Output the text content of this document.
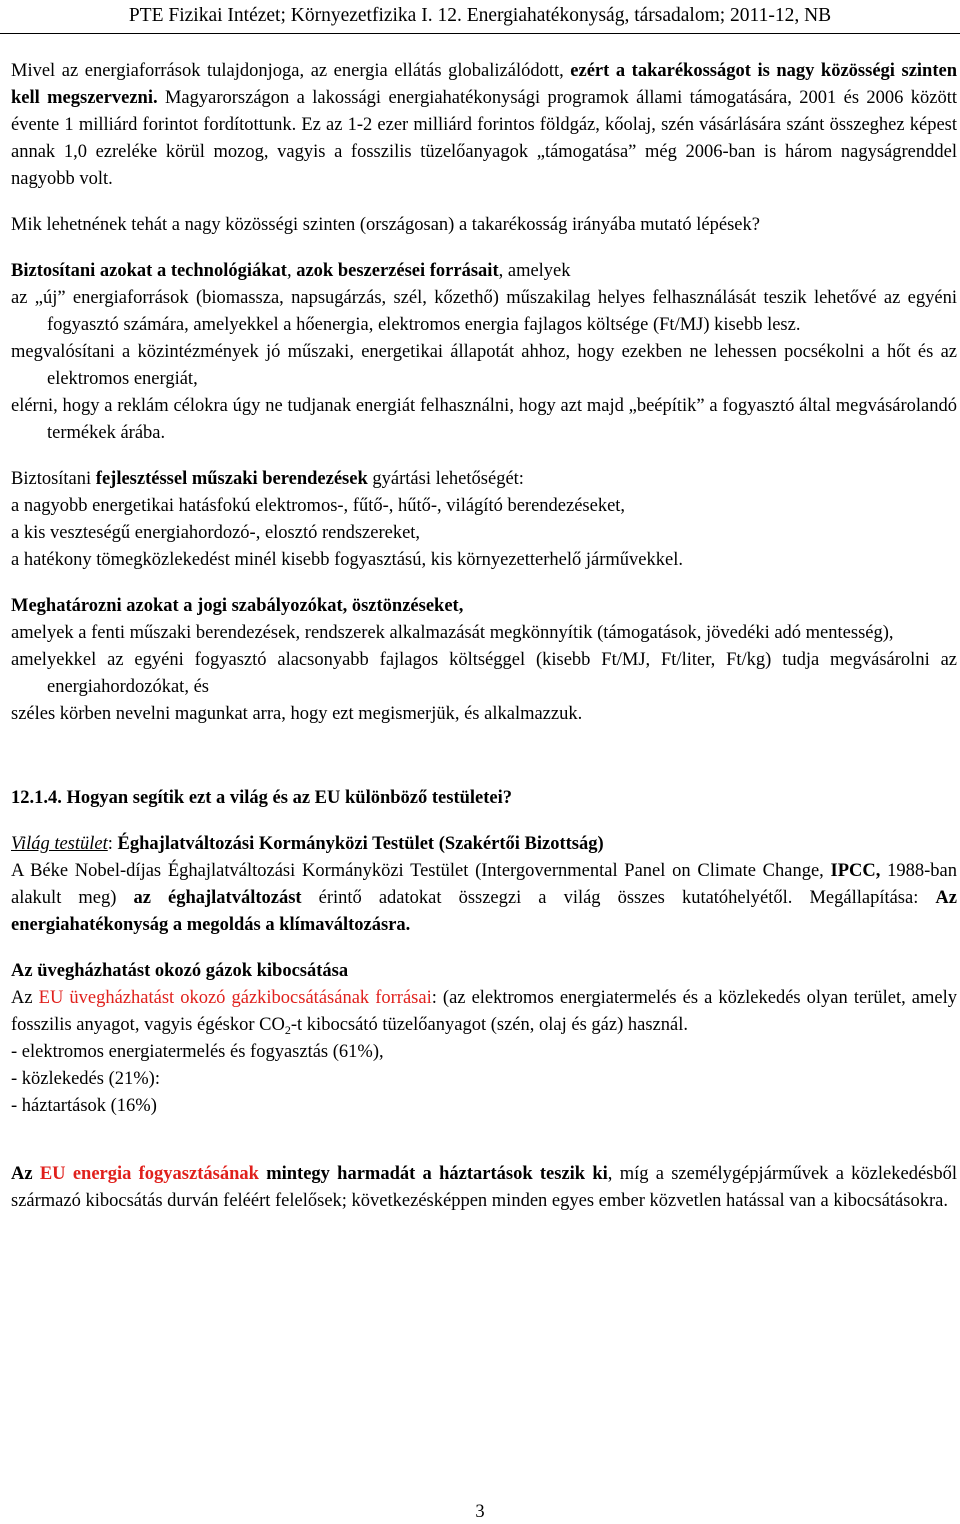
PTE Fizikai Intézet; Környezetfizika I. 12. Energiahatékonyság, társadalom; 2011-12, NB

Mivel az energiaforrások tulajdonjoga, az energia ellátás globalizálódott, ezért a takarékosságot is nagy közösségi szinten kell megszervezni. Magyarországon a lakossági energiahatékonysági programok állami támogatására, 2001 és 2006 között évente 1 milliárd forintot fordítottunk. Ez az 1-2 ezer milliárd forintos földgáz, kőolaj, szén vásárlására szánt összeghez képest annak 1,0 ezreléke körül mozog, vagyis a fosszilis tüzelőanyagok „támogatása” még 2006-ban is három nagyságrenddel nagyobb volt.

Mik lehetnének tehát a nagy közösségi szinten (országosan) a takarékosság irányába mutató lépések?

Biztosítani azokat a technológiákat, azok beszerzései forrásait, amelyek

az „új” energiaforrások (biomassza, napsugárzás, szél, kőzethő) műszakilag helyes felhasználását teszik lehetővé az egyéni fogyasztó számára, amelyekkel a hőenergia, elektromos energia fajlagos költsége (Ft/MJ) kisebb lesz.

megvalósítani a közintézmények jó műszaki, energetikai állapotát ahhoz, hogy ezekben ne lehessen pocsékolni a hőt és az elektromos energiát,

elérni, hogy a reklám célokra úgy ne tudjanak energiát felhasználni, hogy azt majd „beépítik” a fogyasztó által megvásárolandó termékek árába.

Biztosítani fejlesztéssel műszaki berendezések gyártási lehetőségét:

a nagyobb energetikai hatásfokú elektromos-, fűtő-, hűtő-, világító berendezéseket,

a kis veszteségű energiahordozó-, elosztó rendszereket,

a hatékony tömegközlekedést minél kisebb fogyasztású, kis környezetterhelő járművekkel.

Meghatározni azokat a jogi szabályozókat, ösztönzéseket,

amelyek a fenti műszaki berendezések, rendszerek alkalmazását megkönnyítik (támogatások, jövedéki adó mentesség),

amelyekkel az egyéni fogyasztó alacsonyabb fajlagos költséggel (kisebb Ft/MJ, Ft/liter, Ft/kg) tudja megvásárolni az energiahordozókat, és

széles körben nevelni magunkat arra, hogy ezt megismerjük, és alkalmazzuk.

12.1.4. Hogyan segítik ezt a világ és az EU különböző testületei?

Világ testület: Éghajlatváltozási Kormányközi Testület (Szakértői Bizottság)

A Béke Nobel-díjas Éghajlatváltozási Kormányközi Testület (Intergovernmental Panel on Climate Change, IPCC, 1988-ban alakult meg) az éghajlatváltozást érintő adatokat összegzi a világ összes kutatóhelyétől. Megállapítása: Az energiahatékonyság a megoldás a klímaváltozásra.

Az üvegházhatást okozó gázok kibocsátása

Az EU üvegházhatást okozó gázkibocsátásának forrásai: (az elektromos energiatermelés és a közlekedés olyan terület, amely fosszilis anyagot, vagyis égéskor $CO_2-t$ kibocsátó tüzelőanyagot (szén, olaj és gáz) használ.

- elektromos energiatermelés és fogyasztás (61%),

- közlekedés (21%):

- háztartások (16%)

Az EU energia fogyasztásának mintegy harmadát a háztartások teszik ki, míg a személygépjárművek a közlekedésből származó kibocsátás durván feléért felelősek; következésképpen minden egyes ember közvetlen hatással van a kibocsátásokra.

3
